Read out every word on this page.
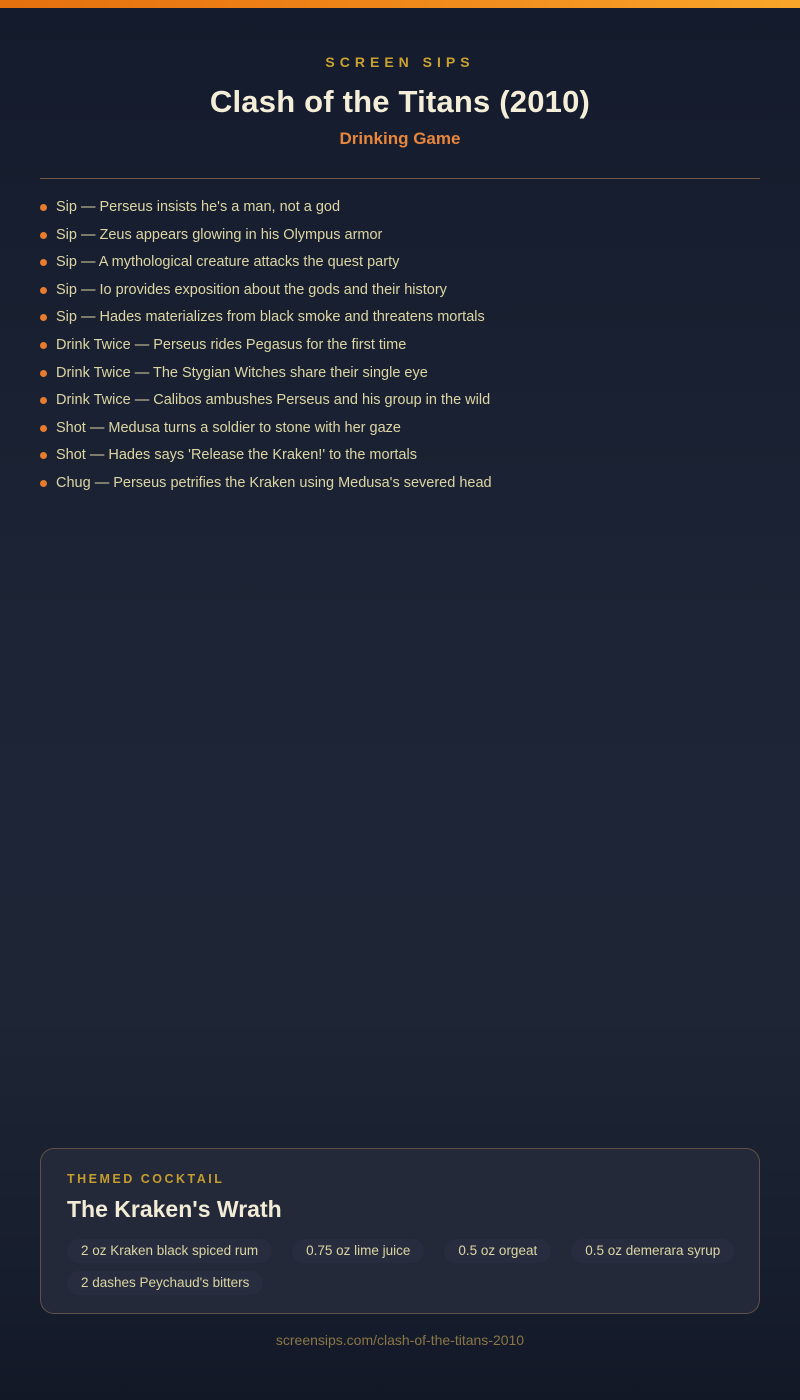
SCREEN SIPS
Clash of the Titans (2010)
Drinking Game
Sip — Perseus insists he's a man, not a god
Sip — Zeus appears glowing in his Olympus armor
Sip — A mythological creature attacks the quest party
Sip — Io provides exposition about the gods and their history
Sip — Hades materializes from black smoke and threatens mortals
Drink Twice — Perseus rides Pegasus for the first time
Drink Twice — The Stygian Witches share their single eye
Drink Twice — Calibos ambushes Perseus and his group in the wild
Shot — Medusa turns a soldier to stone with her gaze
Shot — Hades says 'Release the Kraken!' to the mortals
Chug — Perseus petrifies the Kraken using Medusa's severed head
THEMED COCKTAIL
The Kraken's Wrath
2 oz Kraken black spiced rum	0.75 oz lime juice	0.5 oz orgeat	0.5 oz demerara syrup
2 dashes Peychaud's bitters
screensips.com/clash-of-the-titans-2010
